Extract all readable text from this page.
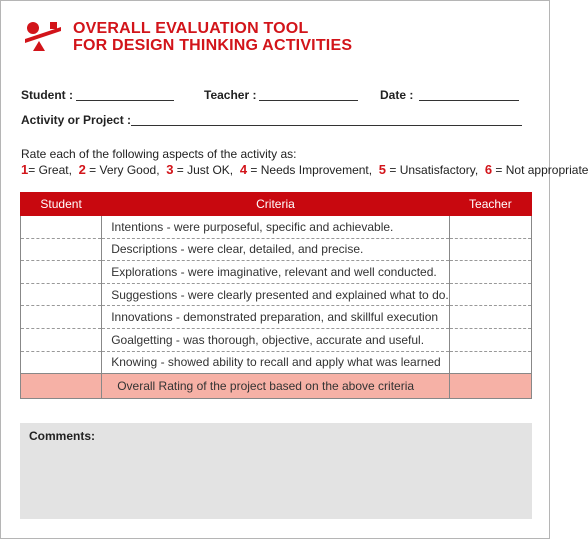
OVERALL EVALUATION TOOL
FOR DESIGN THINKING ACTIVITIES
Student :	Teacher :	Date :
Activity or Project :
Rate each of the following aspects of the activity as:
1= Great,  2 = Very Good,  3 = Just OK,  4 = Needs Improvement,  5 = Unsatisfactory,  6 = Not appropriate
Student	Criteria	Teacher
	Intentions - were purposeful, specific and achievable.	
	Descriptions - were clear, detailed, and precise.	
	Explorations - were imaginative, relevant and well conducted.	
	Suggestions - were clearly presented and explained what to do.	
	Innovations - demonstrated preparation, and skillful execution	
	Goalgetting - was thorough, objective, accurate and useful.	
	Knowing - showed ability to recall and apply what was learned	
	Overall Rating of the project based on the above criteria	
Comments:
